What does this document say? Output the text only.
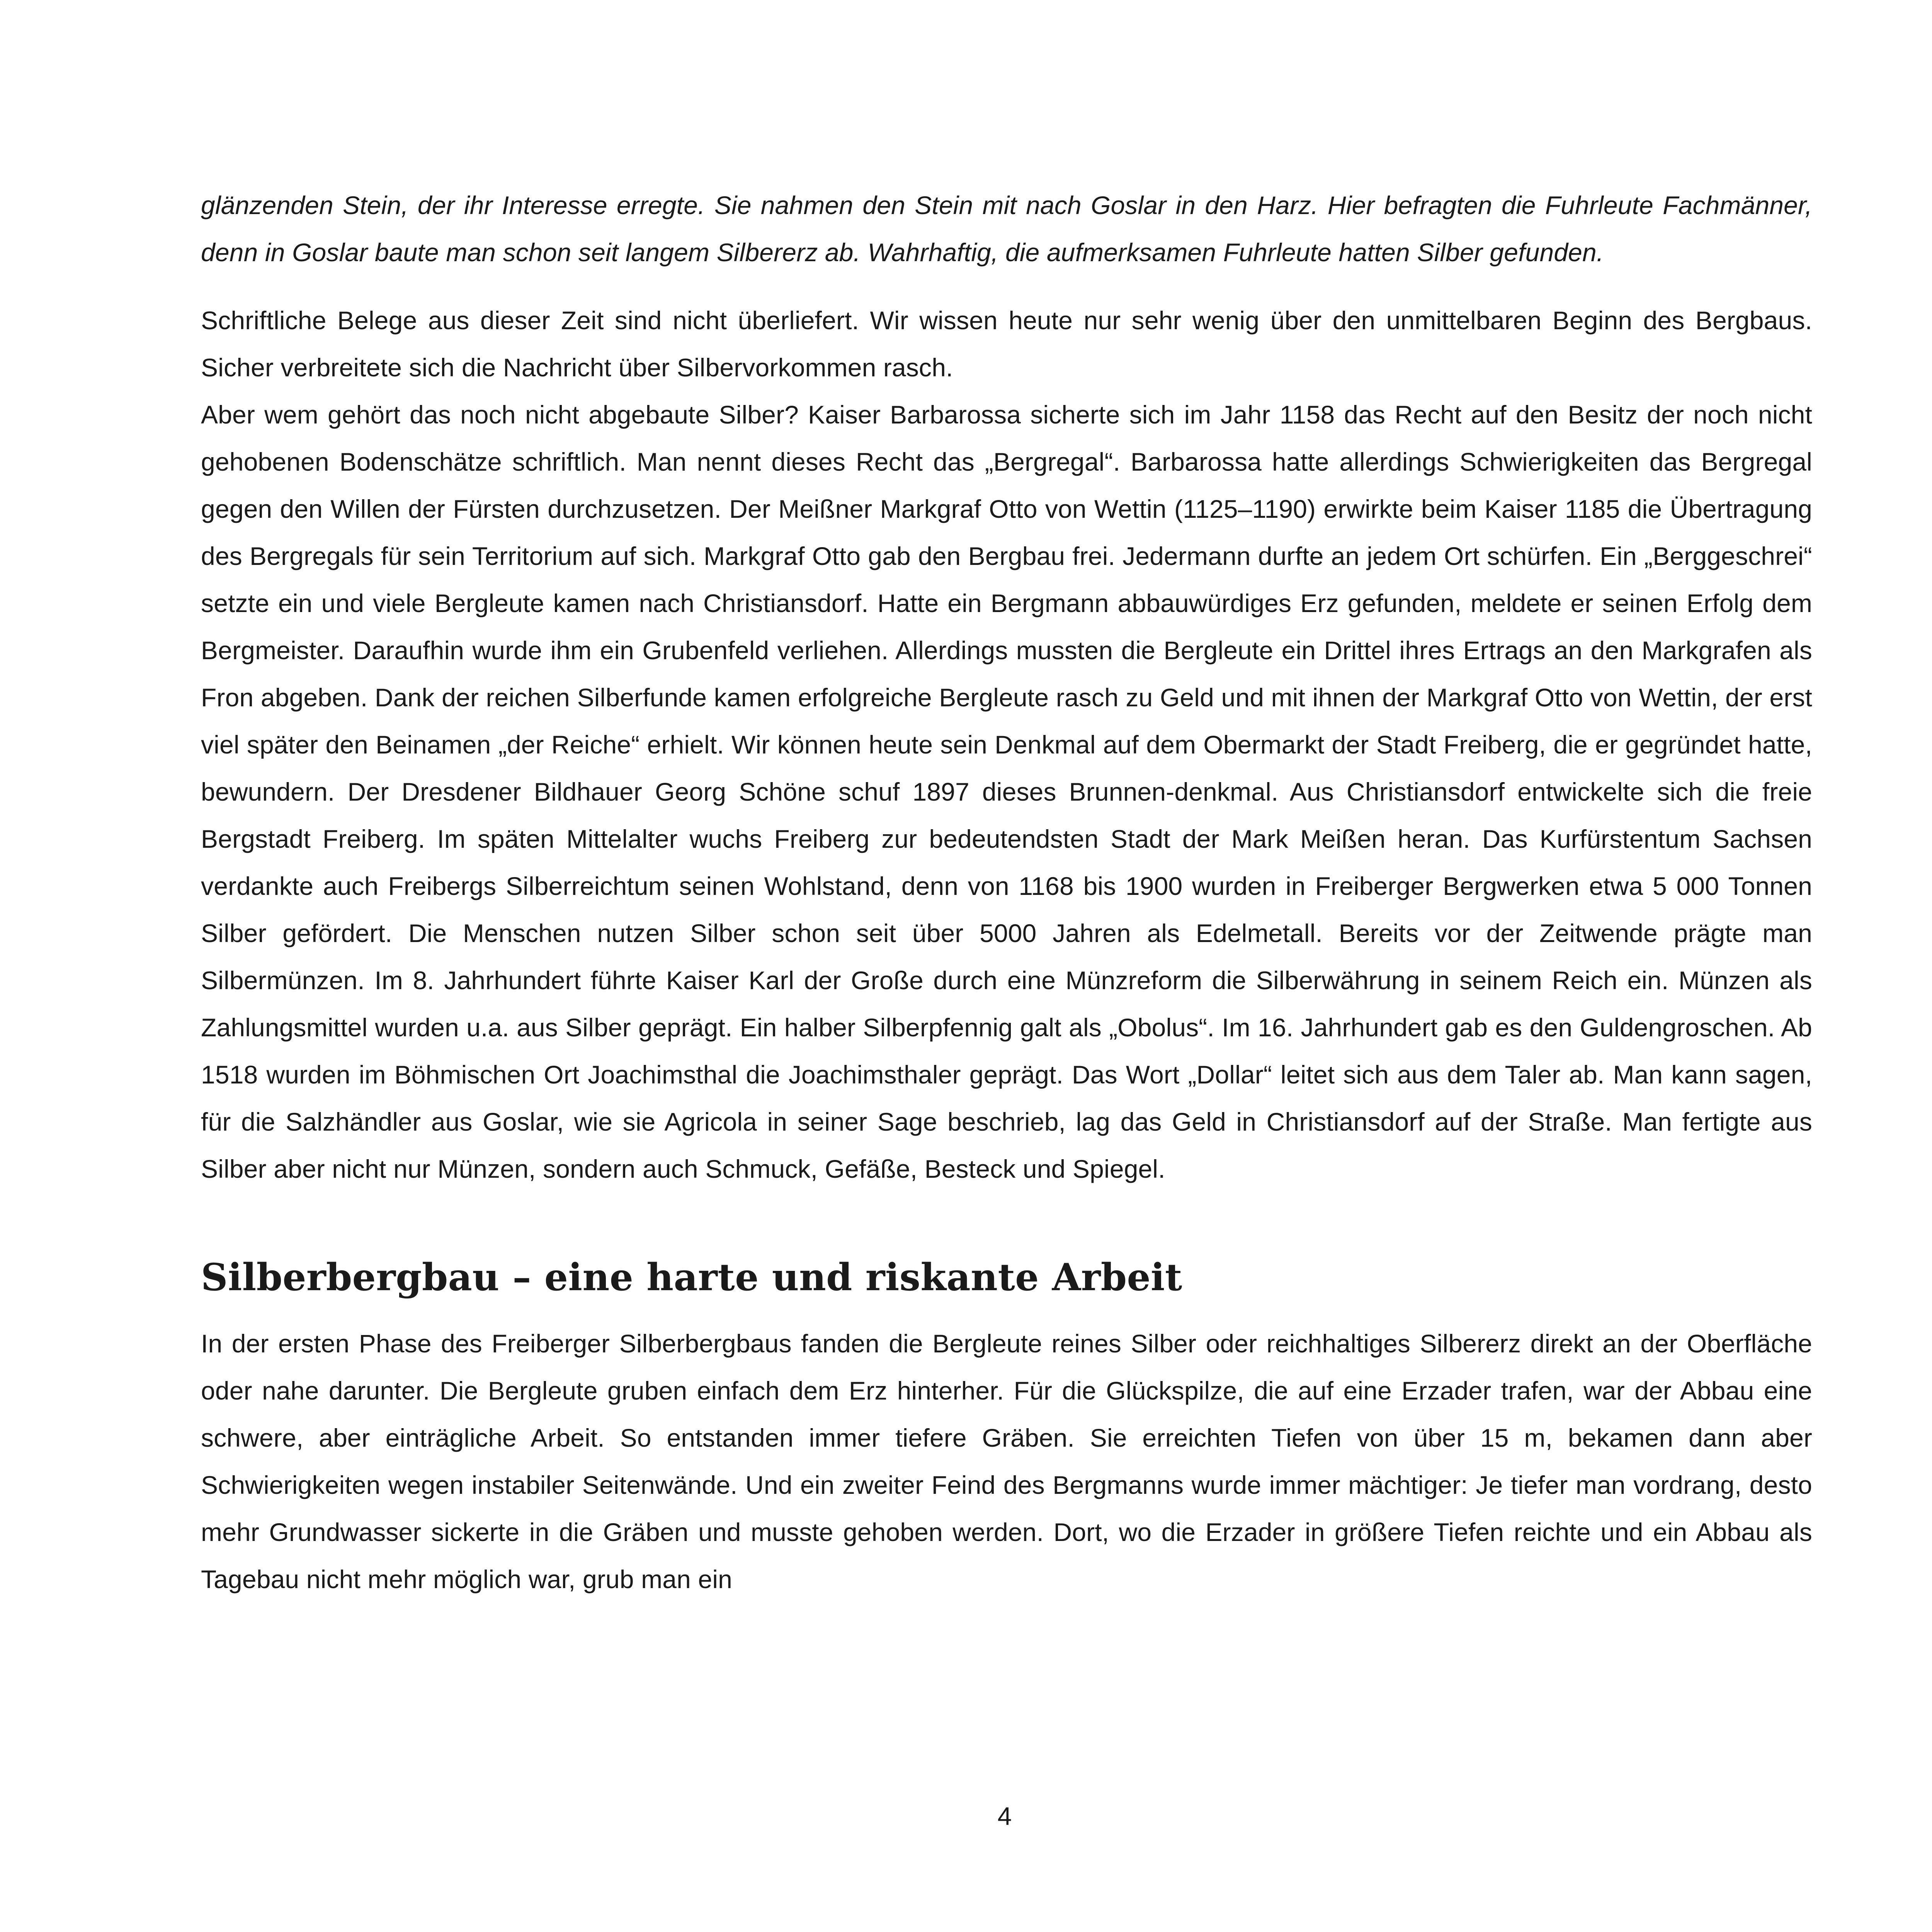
glänzenden Stein, der ihr Interesse erregte. Sie nahmen den Stein mit nach Goslar in den Harz. Hier befragten die Fuhrleute Fachmänner, denn in Goslar baute man schon seit langem Silbererz ab. Wahrhaftig, die aufmerksamen Fuhrleute hatten Silber gefunden.

Schriftliche Belege aus dieser Zeit sind nicht überliefert. Wir wissen heute nur sehr wenig über den unmittelbaren Beginn des Bergbaus. Sicher verbreitete sich die Nachricht über Silbervorkommen rasch.

Aber wem gehört das noch nicht abgebaute Silber? Kaiser Barbarossa sicherte sich im Jahr 1158 das Recht auf den Besitz der noch nicht gehobenen Bodenschätze schriftlich. Man nennt dieses Recht das „Bergregal“. Barbarossa hatte allerdings Schwierigkeiten das Bergregal gegen den Willen der Fürsten durchzusetzen. Der Meißner Markgraf Otto von Wettin (1125–1190) erwirkte beim Kaiser 1185 die Übertragung des Bergregals für sein Territorium auf sich. Markgraf Otto gab den Bergbau frei. Jedermann durfte an jedem Ort schürfen. Ein „Berggeschrei“ setzte ein und viele Bergleute kamen nach Christiansdorf. Hatte ein Bergmann abbauwürdiges Erz gefunden, meldete er seinen Erfolg dem Bergmeister. Daraufhin wurde ihm ein Grubenfeld verliehen. Allerdings mussten die Bergleute ein Drittel ihres Ertrags an den Markgrafen als Fron abgeben. Dank der reichen Silberfunde kamen erfolgreiche Bergleute rasch zu Geld und mit ihnen der Markgraf Otto von Wettin, der erst viel später den Beinamen „der Reiche“ erhielt. Wir können heute sein Denkmal auf dem Obermarkt der Stadt Freiberg, die er gegründet hatte, bewundern. Der Dresdener Bildhauer Georg Schöne schuf 1897 dieses Brunnen-denkmal. Aus Christiansdorf entwickelte sich die freie Bergstadt Freiberg. Im späten Mittelalter wuchs Freiberg zur bedeutendsten Stadt der Mark Meißen heran. Das Kurfürstentum Sachsen verdankte auch Freibergs Silberreichtum seinen Wohlstand, denn von 1168 bis 1900 wurden in Freiberger Bergwerken etwa 5 000 Tonnen Silber gefördert. Die Menschen nutzen Silber schon seit über 5000 Jahren als Edelmetall. Bereits vor der Zeitwende prägte man Silbermünzen. Im 8. Jahrhundert führte Kaiser Karl der Große durch eine Münzreform die Silberwährung in seinem Reich ein. Münzen als Zahlungsmittel wurden u.a. aus Silber geprägt. Ein halber Silberpfennig galt als „Obolus“. Im 16. Jahrhundert gab es den Guldengroschen. Ab 1518 wurden im Böhmischen Ort Joachimsthal die Joachimsthaler geprägt. Das Wort „Dollar“ leitet sich aus dem Taler ab. Man kann sagen, für die Salzhändler aus Goslar, wie sie Agricola in seiner Sage beschrieb, lag das Geld in Christiansdorf auf der Straße. Man fertigte aus Silber aber nicht nur Münzen, sondern auch Schmuck, Gefäße, Besteck und Spiegel.

Silberbergbau – eine harte und riskante Arbeit

In der ersten Phase des Freiberger Silberbergbaus fanden die Bergleute reines Silber oder reichhaltiges Silbererz direkt an der Oberfläche oder nahe darunter. Die Bergleute gruben einfach dem Erz hinterher. Für die Glückspilze, die auf eine Erzader trafen, war der Abbau eine schwere, aber einträgliche Arbeit. So entstanden immer tiefere Gräben. Sie erreichten Tiefen von über 15 m, bekamen dann aber Schwierigkeiten wegen instabiler Seitenwände. Und ein zweiter Feind des Bergmanns wurde immer mächtiger: Je tiefer man vordrang, desto mehr Grundwasser sickerte in die Gräben und musste gehoben werden. Dort, wo die Erzader in größere Tiefen reichte und ein Abbau als Tagebau nicht mehr möglich war, grub man ein

4
